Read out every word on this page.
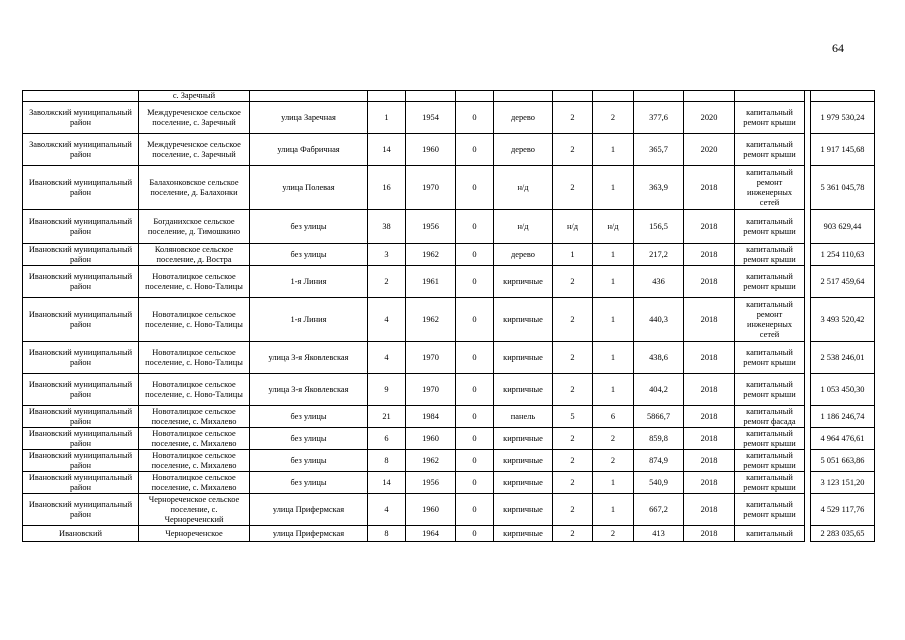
64
	с. Заречный												
Заволжский муниципальный район	Междуреченское сельское поселение, с. Заречный	улица Заречная	1	1954	0	дерево	2	2	377,6	2020	капитальный ремонт крыши		1 979 530,24
Заволжский муниципальный район	Междуреченское сельское поселение, с. Заречный	улица Фабричная	14	1960	0	дерево	2	1	365,7	2020	капитальный ремонт крыши		1 917 145,68
Ивановский муниципальный район	Балахонковское сельское поселение, д. Балахонки	улица Полевая	16	1970	0	н/д	2	1	363,9	2018	капитальный ремонт инженерных сетей		5 361 045,78
Ивановский муниципальный район	Богданихское сельское поселение, д. Тимошкино	без улицы	38	1956	0	н/д	н/д	н/д	156,5	2018	капитальный ремонт крыши		903 629,44
Ивановский муниципальный район	Коляновское сельское поселение, д. Востра	без улицы	3	1962	0	дерево	1	1	217,2	2018	капитальный ремонт крыши		1 254 110,63
Ивановский муниципальный район	Новоталицкое сельское поселение, с. Ново-Талицы	1-я Линия	2	1961	0	кирпичные	2	1	436	2018	капитальный ремонт крыши		2 517 459,64
Ивановский муниципальный район	Новоталицкое сельское поселение, с. Ново-Талицы	1-я Линия	4	1962	0	кирпичные	2	1	440,3	2018	капитальный ремонт инженерных сетей		3 493 520,42
Ивановский муниципальный район	Новоталицкое сельское поселение, с. Ново-Талицы	улица 3-я Яковлевская	4	1970	0	кирпичные	2	1	438,6	2018	капитальный ремонт крыши		2 538 246,01
Ивановский муниципальный район	Новоталицкое сельское поселение, с. Ново-Талицы	улица 3-я Яковлевская	9	1970	0	кирпичные	2	1	404,2	2018	капитальный ремонт крыши		1 053 450,30
Ивановский муниципальный район	Новоталицкое сельское поселение, с. Михалево	без улицы	21	1984	0	панель	5	6	5866,7	2018	капитальный ремонт фасада		1 186 246,74
Ивановский муниципальный район	Новоталицкое сельское поселение, с. Михалево	без улицы	6	1960	0	кирпичные	2	2	859,8	2018	капитальный ремонт крыши		4 964 476,61
Ивановский муниципальный район	Новоталицкое сельское поселение, с. Михалево	без улицы	8	1962	0	кирпичные	2	2	874,9	2018	капитальный ремонт крыши		5 051 663,86
Ивановский муниципальный район	Новоталицкое сельское поселение, с. Михалево	без улицы	14	1956	0	кирпичные	2	1	540,9	2018	капитальный ремонт крыши		3 123 151,20
Ивановский муниципальный район	Чернореченское сельское поселение, с. Чернореченский	улица Прифермская	4	1960	0	кирпичные	2	1	667,2	2018	капитальный ремонт крыши		4 529 117,76
Ивановский	Чернореченское	улица Прифермская	8	1964	0	кирпичные	2	2	413	2018	капитальный		2 283 035,65
